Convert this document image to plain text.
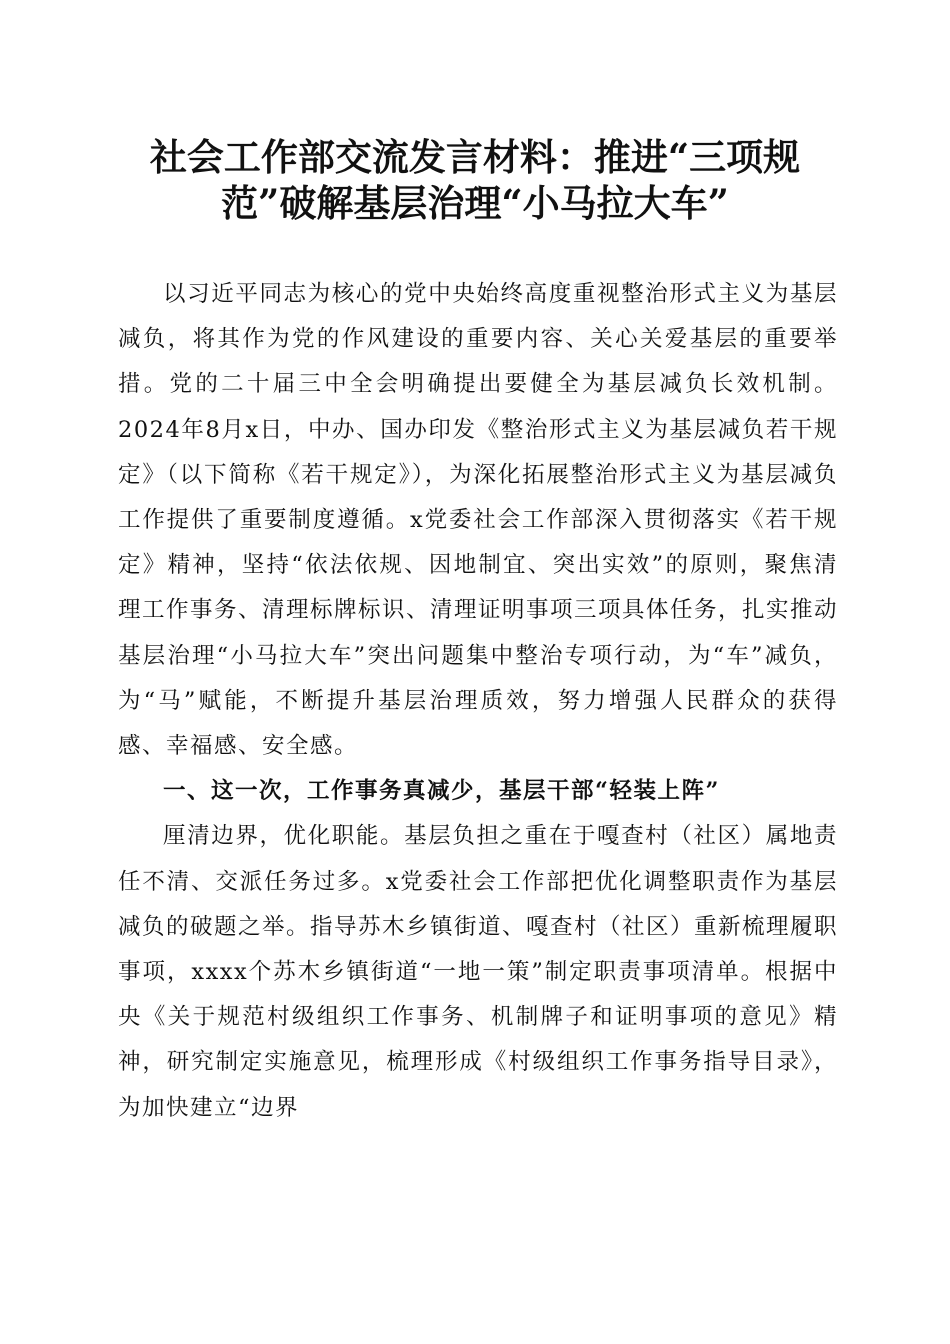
社会工作部交流发言材料：推进“三项规
范”破解基层治理“小马拉大车”

以习近平同志为核心的党中央始终高度重视整治形式主义为基层减负，将其作为党的作风建设的重要内容、关心关爱基层的重要举措。党的二十届三中全会明确提出要健全为基层减负长效机制。2024年8月x日，中办、国办印发《整治形式主义为基层减负若干规定》（以下简称《若干规定》），为深化拓展整治形式主义为基层减负工作提供了重要制度遵循。x党委社会工作部深入贯彻落实《若干规定》精神，坚持“依法依规、因地制宜、突出实效”的原则，聚焦清理工作事务、清理标牌标识、清理证明事项三项具体任务，扎实推动基层治理“小马拉大车”突出问题集中整治专项行动，为“车”减负，为“马”赋能，不断提升基层治理质效，努力增强人民群众的获得感、幸福感、安全感。

一、这一次，工作事务真减少，基层干部“轻装上阵”

厘清边界，优化职能。基层负担之重在于嘎查村（社区）属地责任不清、交派任务过多。x党委社会工作部把优化调整职责作为基层减负的破题之举。指导苏木乡镇街道、嘎查村（社区）重新梳理履职事项，xxxx个苏木乡镇街道“一地一策”制定职责事项清单。根据中央《关于规范村级组织工作事务、机制牌子和证明事项的意见》精神，研究制定实施意见，梳理形成《村级组织工作事务指导目录》，为加快建立“边界
